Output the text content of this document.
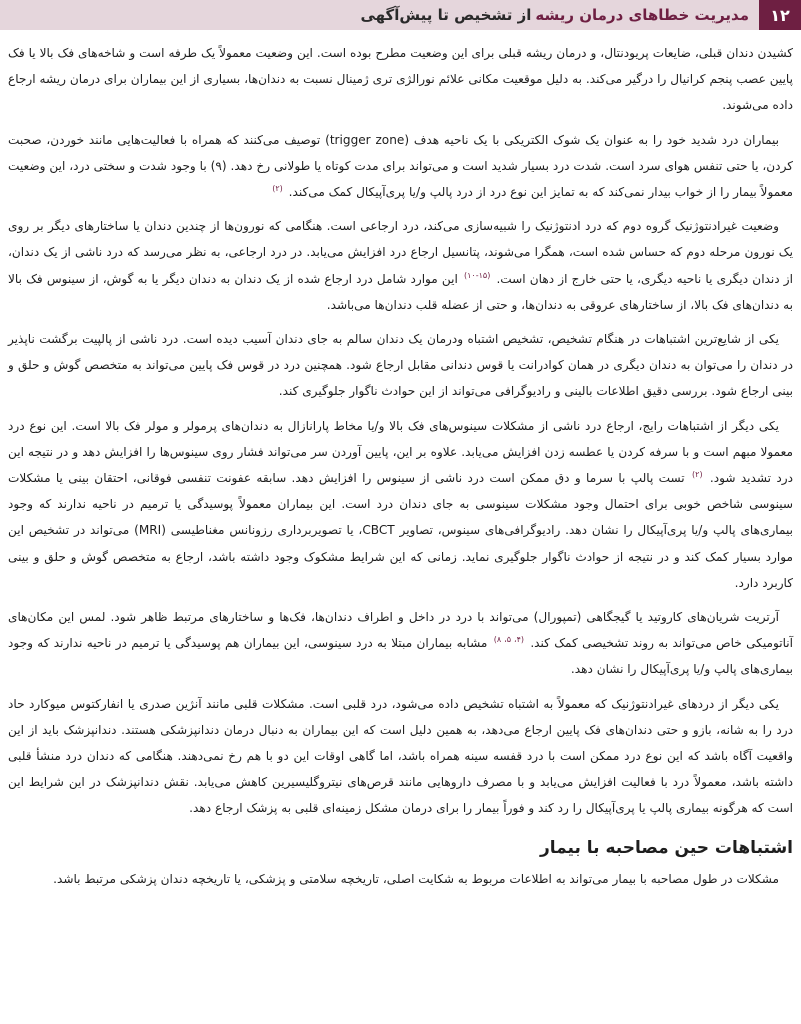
۱۲
مدیریت خطاهای درمان ریشه
از تشخیص تا پیش‌آگهی

کشیدن دندان قبلی، ضایعات پریودنتال، و درمان ریشه قبلی برای این وضعیت مطرح بوده است. این وضعیت معمولاً یک طرفه است و شاخه‌های فک بالا یا فک پایین عصب پنجم کرانیال را درگیر می‌کند. به دلیل موقعیت مکانی علائم نورالژی تری ژمینال نسبت به دندان‌ها، بسیاری از این بیماران برای درمان ریشه ارجاع داده می‌شوند.

بیماران درد شدید خود را به عنوان یک شوک الکتریکی با یک ناحیه هدف (trigger zone) توصیف می‌کنند که همراه با فعالیت‌هایی مانند خوردن، صحبت کردن، یا حتی تنفس هوای سرد است. شدت درد بسیار شدید است و می‌تواند برای مدت کوتاه یا طولانی رخ دهد. (۹) با وجود شدت و سختی درد، این وضعیت معمولاً بیمار را از خواب بیدار نمی‌کند که به تمایز این نوع درد از درد پالپ و/یا پری‌آپیکال کمک می‌کند. $^{(۲)}$

وضعیت غیرادنتوژنیک گروه دوم که درد ادنتوژنیک را شبیه‌سازی می‌کند، درد ارجاعی است. هنگامی که نورون‌ها از چندین دندان یا ساختارهای دیگر بر روی یک نورون مرحله دوم که حساس شده است، همگرا می‌شوند، پتانسیل ارجاع درد افزایش می‌یابد. در درد ارجاعی، به نظر می‌رسد که درد ناشی از یک دندان، از دندان دیگری یا ناحیه دیگری، یا حتی خارج از دهان است. $^{(۱۵-۱۰)}$ این موارد شامل درد ارجاع شده از یک دندان به دندان دیگر یا به گوش، از سینوس فک بالا به دندان‌های فک بالا، از ساختارهای عروقی به دندان‌ها، و حتی از عضله قلب دندان‌ها می‌باشد.

یکی از شایع‌ترین اشتباهات در هنگام تشخیص، تشخیص اشتباه ودرمان یک دندان سالم به جای دندان آسیب دیده است. درد ناشی از پالپیت برگشت ناپذیر در دندان را می‌توان به دندان دیگری در همان کوادرانت یا قوس دندانی مقابل ارجاع شود. همچنین درد در قوس فک پایین می‌تواند به متخصص گوش و حلق و بینی ارجاع شود. بررسی دقیق اطلاعات بالینی و رادیوگرافی می‌تواند از این حوادث ناگوار جلوگیری کند.

یکی دیگر از اشتباهات رایج، ارجاع درد ناشی از مشکلات سینوس‌های فک بالا و/یا مخاط پارانازال به دندان‌های پرمولر و مولر فک بالا است. این نوع درد معمولا مبهم است و با سرفه کردن یا عطسه زدن افزایش می‌یابد. علاوه بر این، پایین آوردن سر می‌تواند فشار روی سینوس‌ها را افزایش دهد و در نتیجه این درد تشدید شود. $^{(۲)}$ تست پالپ با سرما و دق ممکن است درد ناشی از سینوس را افزایش دهد. سابقه عفونت تنفسی فوقانی، احتقان بینی یا مشکلات سینوسی شاخص خوبی برای احتمال وجود مشکلات سینوسی به جای دندان درد است. این بیماران معمولاً پوسیدگی یا ترمیم در ناحیه ندارند که وجود بیماری‌های پالپ و/یا پری‌آپیکال را نشان دهد. رادیوگرافی‌های سینوس، تصاویر CBCT، یا تصویربرداری رزونانس مغناطیسی (MRI) می‌تواند در تشخیص این موارد بسیار کمک کند و در نتیجه از حوادث ناگوار جلوگیری نماید. زمانی که این شرایط مشکوک وجود داشته باشد، ارجاع به متخصص گوش و حلق و بینی کاربرد دارد.

آرتریت شریان‌های کاروتید یا گیجگاهی (تمپورال) می‌تواند با درد در داخل و اطراف دندان‌ها، فک‌ها و ساختارهای مرتبط ظاهر شود. لمس این مکان‌های آناتومیکی خاص می‌تواند به روند تشخیصی کمک کند. $^{(۴، ۵، ۸)}$ مشابه بیماران مبتلا به درد سینوسی، این بیماران هم پوسیدگی یا ترمیم در ناحیه ندارند که وجود بیماری‌های پالپ و/یا پری‌آپیکال را نشان دهد.

یکی دیگر از دردهای غیرادنتوژنیک که معمولاً به اشتباه تشخیص داده می‌شود، درد قلبی است. مشکلات قلبی مانند آنژین صدری یا انفارکتوس میوکارد حاد درد را به شانه، بازو و حتی دندان‌های فک پایین ارجاع می‌دهد، به همین دلیل است که این بیماران به دنبال درمان دندانپزشکی هستند. دندانپزشک باید از این واقعیت آگاه باشد که این نوع درد ممکن است با درد قفسه سینه همراه باشد، اما گاهی اوقات این دو با هم رخ نمی‌دهند. هنگامی که دندان درد منشأ قلبی داشته باشد، معمولاً درد با فعالیت افزایش می‌یابد و با مصرف داروهایی مانند قرص‌های نیتروگلیسیرین کاهش می‌یابد. نقش دندانپزشک در این شرایط این است که هرگونه بیماری پالپ یا پری‌آپیکال را رد کند و فوراً بیمار را برای درمان مشکل زمینه‌ای قلبی به پزشک ارجاع دهد.

اشتباهات حین مصاحبه با بیمار

مشکلات در طول مصاحبه با بیمار می‌تواند به اطلاعات مربوط به شکایت اصلی، تاریخچه سلامتی و پزشکی، یا تاریخچه دندان پزشکی مرتبط باشد.
